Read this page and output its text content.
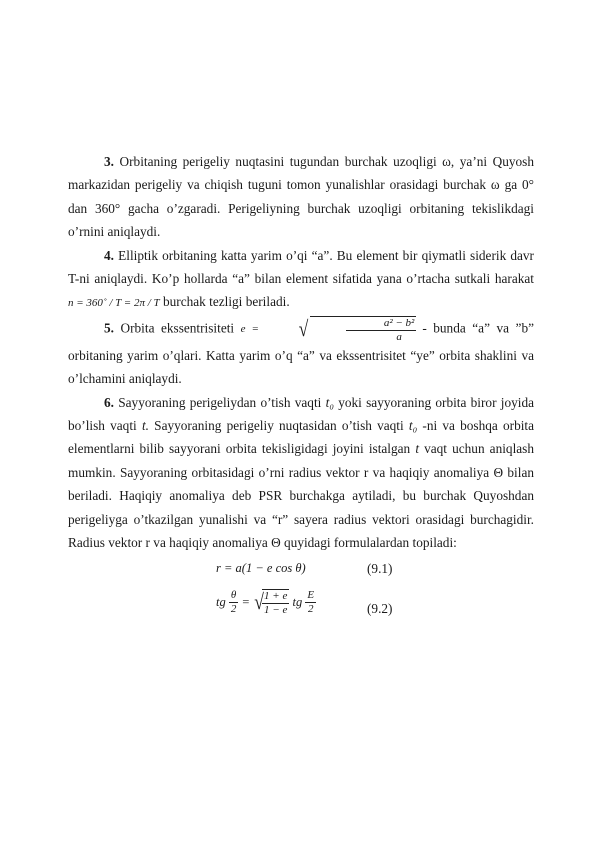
3. Orbitaning perigeliy nuqtasini tugundan burchak uzoqligi ω, ya’ni Quyosh markazidan perigeliy va chiqish tuguni tomon yunalishlar orasidagi burchak ω ga 0° dan 360° gacha o’zgaradi. Perigeliyning burchak uzoqligi orbitaning tekislikdagi o’rnini aniqlaydi.

4. Elliptik orbitaning katta yarim o’qi “a”. Bu element bir qiymatli siderik davr T-ni aniqlaydi. Ko’p hollarda “a” bilan element sifatida yana o’rtacha sutkali harakat n = 360˚ / T = 2π / T burchak tezligi beriladi.

5. Orbita ekssentrisiteti e =	√	$\frac{\text{a² − b²}}{a}$ - bunda “a” va ”b” orbitaning yarim o’qlari. Katta yarim o’q “a” va ekssentrisitet “ye” orbita shaklini va o’lchamini aniqlaydi.

6. Sayyoraning perigeliydan o’tish vaqti t₀ yoki sayyoraning orbita biror joyida bo’lish vaqti t. Sayyoraning perigeliy nuqtasidan o’tish vaqti t₀ -ni va boshqa orbita elementlarni bilib sayyorani orbita tekisligidagi joyini istalgan t vaqt uchun aniqlash mumkin. Sayyoraning orbitasidagi o’rni radius vektor r va haqiqiy anomaliya Θ bilan beriladi. Haqiqiy anomaliya deb PSR burchakga aytiladi, bu burchak Quyoshdan perigeliyga o’tkazilgan yunalishi va “r” sayera radius vektori orasidagi burchagidir. Radius vektor r va haqiqiy anomaliya Θ quyidagi formulalardan topiladi:

r = a(1 − e cos θ)	(9.1)
tg $\frac{\theta}{2}$ = √
$\frac{1 + e}{1 - e}$ tg $\frac{E}{2}$	(9.2)
